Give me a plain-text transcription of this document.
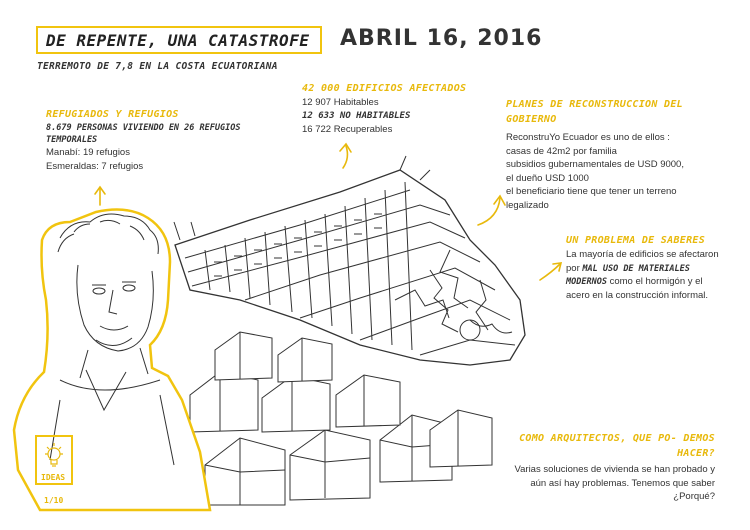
DE REPENTE, UNA CATASTROFE ABRIL 16, 2016
TERREMOTO DE 7,8 EN LA COSTA ECUATORIANA
REFUGIADOS Y REFUGIOS
8.679 PERSONAS VIVIENDO EN 26 REFUGIOS TEMPORALES
Manabí: 19 refugios
Esmeraldas: 7 refugios
42 000 EDIFICIOS AFECTADOS
12 907 Habitables
12 633 NO HABITABLES
16 722 Recuperables
PLANES DE RECONSTRUCCION DEL GOBIERNO
ReconstruYo Ecuador es uno de ellos :
casas de 42m2 por familia
subsidios gubernamentales de USD 9000,
el dueño USD 1000
el beneficiario tiene que tener un terreno
legalizado
UN PROBLEMA DE SABERES
La mayoría de edificios se afectaron por MAL USO DE MATERIALES MODERNOS como el hormigón y el acero en la construcción informal.
COMO ARQUITECTOS, QUE PO- DEMOS HACER?
Varias soluciones de vivienda se han probado y aún así hay problemas. Tenemos que saber ¿Porqué?
IDEAS
1/10
